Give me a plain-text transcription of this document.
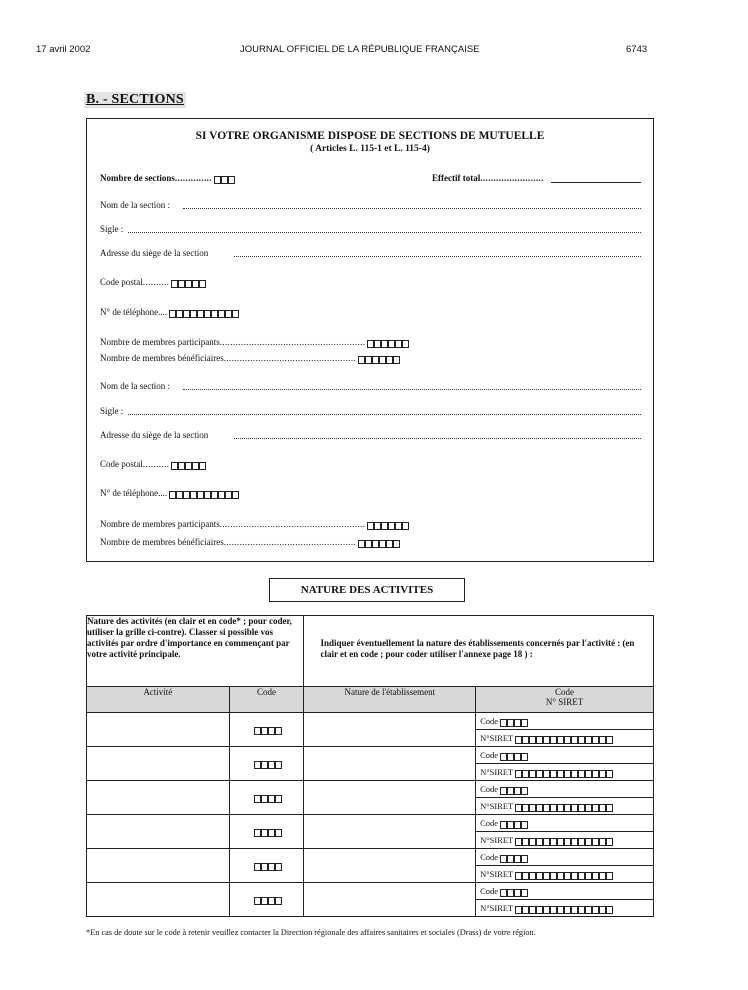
17 avril 2002	JOURNAL OFFICIEL DE LA RÉPUBLIQUE FRANÇAISE	6743
B. - SECTIONS
SI VOTRE ORGANISME DISPOSE DE SECTIONS DE MUTUELLE
( Articles L. 115-1 et L. 115-4)
Nombre de sections..............	Effectif total........................
Nom de la section :
Sigle :
Adresse du siège de la section
Code postal..........
N° de téléphone....
Nombre de membres participants.......................................................
Nombre de membres bénéficiaires..................................................
Nom de la section :
Sigle :
Adresse du siège de la section
Code postal..........
N° de téléphone....
Nombre de membres participants.......................................................
Nombre de membres bénéficiaires..................................................
NATURE DES ACTIVITES
Nature des activités (en clair et en code* ; pour coder, utiliser la grille ci-contre). Classer si possible vos activités par ordre d'importance en commençant par votre activité principale.		Indiquer éventuellement la nature des établissements concernés par l'activité : (en clair et en code ; pour coder utiliser l'annexe page 18 ) :	
Activité	Code	Nature de l'établissement	Code
N° SIRET

			Code
N°SIRET

			Code
N°SIRET

			Code
N°SIRET

			Code
N°SIRET

			Code
N°SIRET

			Code
N°SIRET
*En cas de doute sur le code à retenir veuillez contacter la Direction régionale des affaires sanitaires et sociales (Drass) de votre région.
